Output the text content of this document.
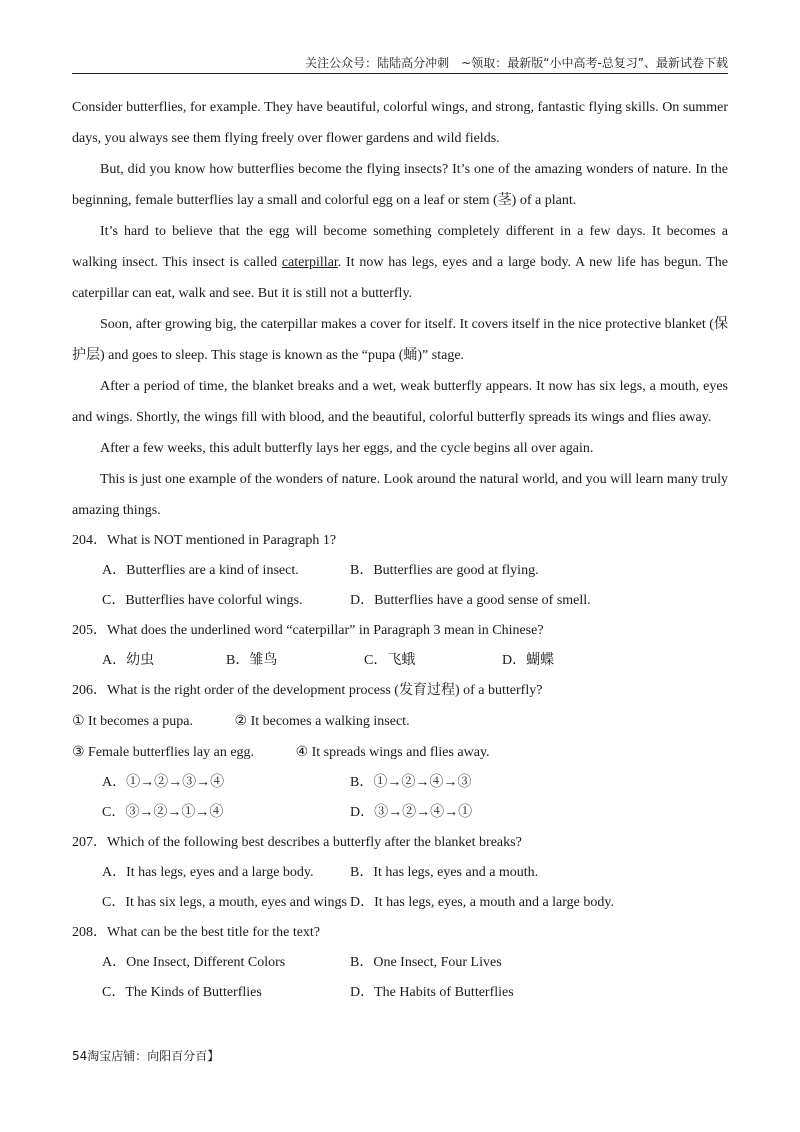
关注公众号：陆陆高分冲刺　~领取：最新版“小中高考-总复习”、最新试卷下载

Consider butterflies, for example. They have beautiful, colorful wings, and strong, fantastic flying skills. On summer days, you always see them flying freely over flower gardens and wild fields.

But, did you know how butterflies become the flying insects? It’s one of the amazing wonders of nature. In the beginning, female butterflies lay a small and colorful egg on a leaf or stem (茎) of a plant.

It’s hard to believe that the egg will become something completely different in a few days. It becomes a walking insect. This insect is called caterpillar. It now has legs, eyes and a large body. A new life has begun. The caterpillar can eat, walk and see. But it is still not a butterfly.

Soon, after growing big, the caterpillar makes a cover for itself. It covers itself in the nice protective blanket (保护层) and goes to sleep. This stage is known as the “pupa (蛹)” stage.

After a period of time, the blanket breaks and a wet, weak butterfly appears. It now has six legs, a mouth, eyes and wings. Shortly, the wings fill with blood, and the beautiful, colorful butterfly spreads its wings and flies away.

After a few weeks, this adult butterfly lays her eggs, and the cycle begins all over again.

This is just one example of the wonders of nature. Look around the natural world, and you will learn many truly amazing things.

204．What is NOT mentioned in Paragraph 1?

A．Butterflies are a kind of insect.	B．Butterflies are good at flying.
C．Butterflies have colorful wings.	D．Butterflies have a good sense of smell.

205．What does the underlined word “caterpillar” in Paragraph 3 mean in Chinese?

A．幼虫	B．雏鸟	C．飞蛾	D．蝴蝶

206．What is the right order of the development process (发育过程) of a butterfly?

① It becomes a pupa.	② It becomes a walking insect.
③ Female butterflies lay an egg.	④ It spreads wings and flies away.
A．①→②→③→④	B．①→②→④→③
C．③→②→①→④	D．③→②→④→①

207．Which of the following best describes a butterfly after the blanket breaks?

A．It has legs, eyes and a large body.	B．It has legs, eyes and a mouth.
C．It has six legs, a mouth, eyes and wings D．It has legs, eyes, a mouth and a large body.

208．What can be the best title for the text?

A．One Insect, Different Colors	B．One Insect, Four Lives
C．The Kinds of Butterflies	D．The Habits of Butterflies
54淘宝店铺：向阳百分百】
